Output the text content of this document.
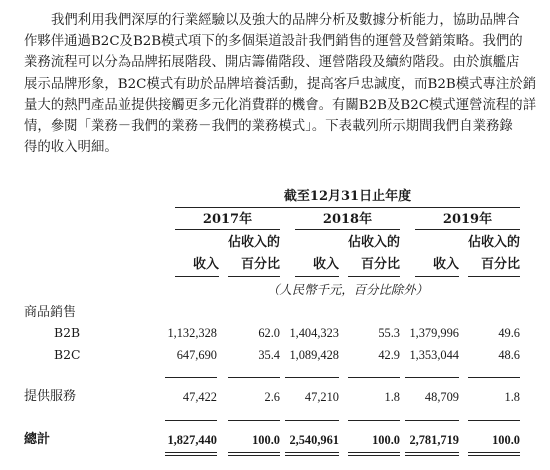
我們利用我們深厚的行業經驗以及強大的品牌分析及數據分析能力，協助品牌合
作夥伴通過B2C及B2B模式項下的多個渠道設計我們銷售的運營及營銷策略。我們的
業務流程可以分為品牌拓展階段、開店籌備階段、運營階段及續約階段。由於旗艦店
展示品牌形象，B2C模式有助於品牌培養活動，提高客戶忠誠度，而B2B模式專注於銷
量大的熱門產品並提供接觸更多元化消費群的機會。有關B2B及B2C模式運營流程的詳
情，參閱「業務－我們的業務－我們的業務模式」。下表載列所示期間我們自業務錄
得的收入明細。
截至12月31日止年度
2017年	2018年	2019年
佔收入的	佔收入的	佔收入的
收入	百分比	收入	百分比	收入	百分比
（人民幣千元，百分比除外）
商品銷售
B2B	1,132,328	62.0 1,404,323	55.3 1,379,996	49.6
B2C	647,690	35.4 1,089,428	42.9 1,353,044	48.6
提供服務	47,422	2.6	47,210	1.8	48,709	1.8
總計	1,827,440	100.0 2,540,961	100.0 2,781,719	100.0
